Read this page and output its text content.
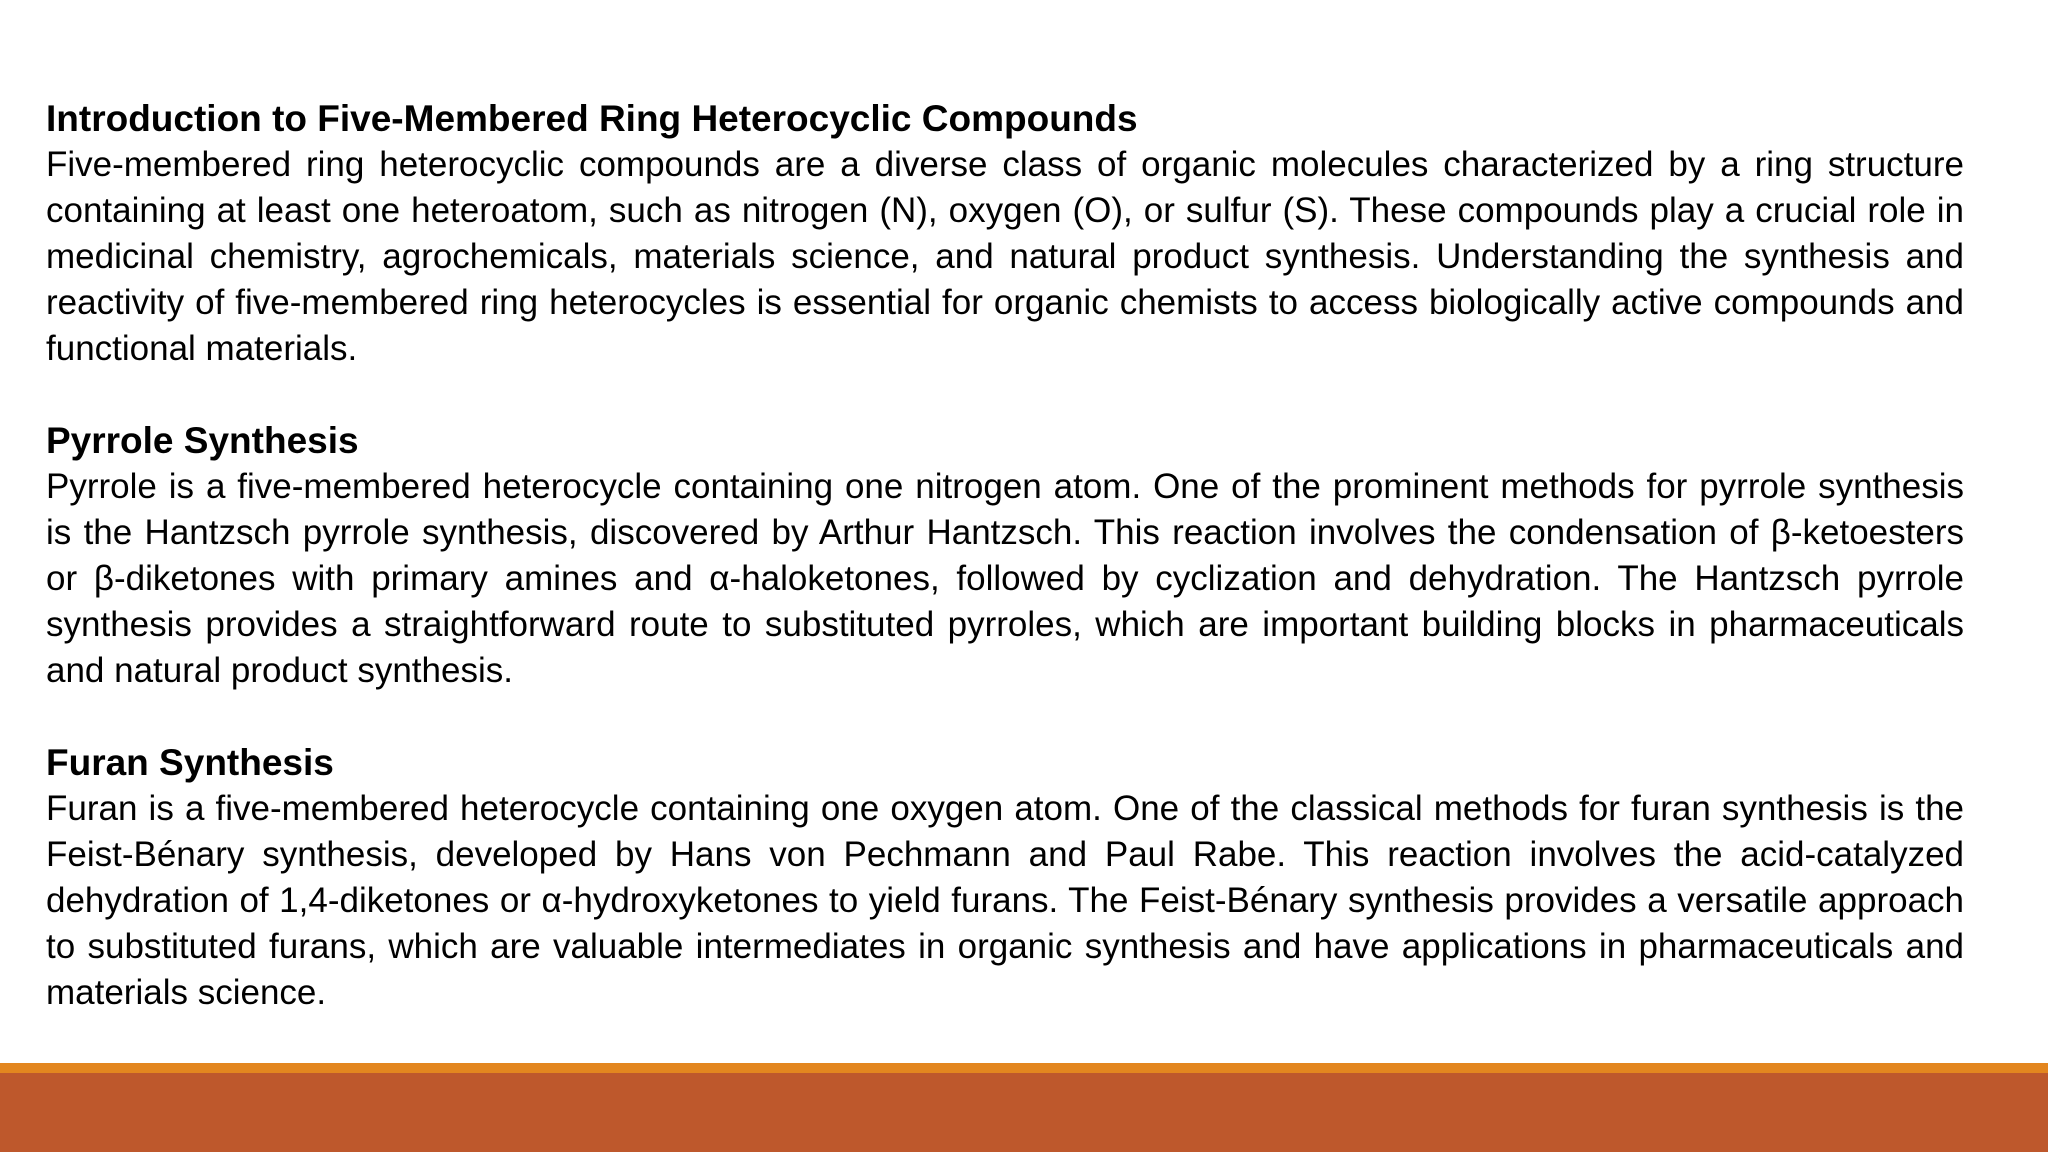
Introduction to Five-Membered Ring Heterocyclic Compounds

Five-membered ring heterocyclic compounds are a diverse class of organic molecules characterized by a ring structure containing at least one heteroatom, such as nitrogen (N), oxygen (O), or sulfur (S). These compounds play a crucial role in medicinal chemistry, agrochemicals, materials science, and natural product synthesis. Understanding the synthesis and reactivity of five-membered ring heterocycles is essential for organic chemists to access biologically active compounds and functional materials.

Pyrrole Synthesis

Pyrrole is a five-membered heterocycle containing one nitrogen atom. One of the prominent methods for pyrrole synthesis is the Hantzsch pyrrole synthesis, discovered by Arthur Hantzsch. This reaction involves the condensation of β-ketoesters or β-diketones with primary amines and α-haloketones, followed by cyclization and dehydration. The Hantzsch pyrrole synthesis provides a straightforward route to substituted pyrroles, which are important building blocks in pharmaceuticals and natural product synthesis.

Furan Synthesis

Furan is a five-membered heterocycle containing one oxygen atom. One of the classical methods for furan synthesis is the Feist-Bénary synthesis, developed by Hans von Pechmann and Paul Rabe. This reaction involves the acid-catalyzed dehydration of 1,4-diketones or α-hydroxyketones to yield furans. The Feist-Bénary synthesis provides a versatile approach to substituted furans, which are valuable intermediates in organic synthesis and have applications in pharmaceuticals and materials science.
